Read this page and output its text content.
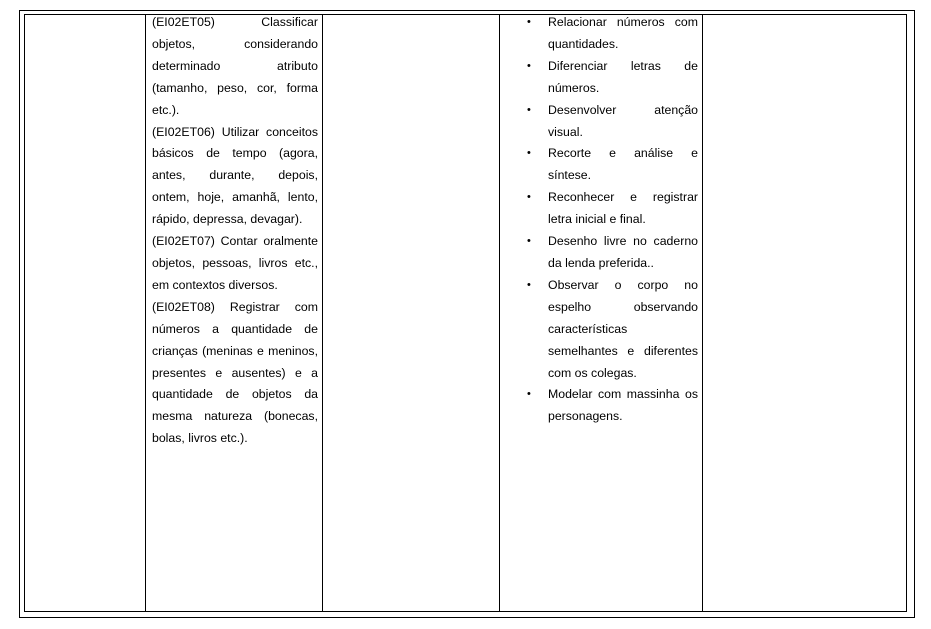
(EI02ET05)	Classificar objetos, considerando determinado atributo (tamanho, peso, cor, forma etc.).

(EI02ET06) Utilizar conceitos básicos de tempo (agora, antes, durante, depois, ontem, hoje, amanhã, lento, rápido, depressa, devagar).

(EI02ET07) Contar oralmente objetos, pessoas, livros etc., em contextos diversos.

(EI02ET08) Registrar com números a quantidade de crianças (meninas e meninos, presentes e ausentes) e a quantidade de objetos da mesma natureza (bonecas, bolas, livros etc.).

• Relacionar números com quantidades.
• Diferenciar letras de números.
• Desenvolver atenção visual.
• Recorte e análise e síntese.
• Reconhecer e registrar letra inicial e final.
• Desenho livre no caderno da lenda preferida..
• Observar o corpo no espelho observando características semelhantes e diferentes com os colegas.
• Modelar com massinha os personagens.
